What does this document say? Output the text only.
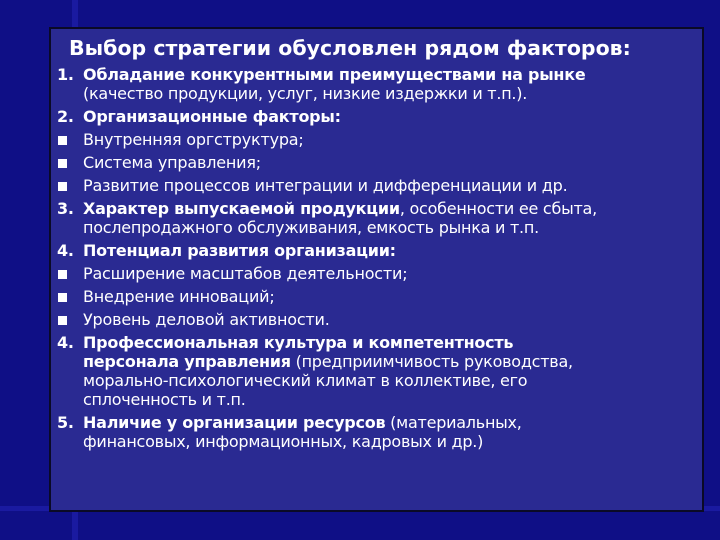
Выбор стратегии обусловлен рядом факторов:
1. Обладание конкурентными преимуществами на рынке
(качество продукции, услуг, низкие издержки и т.п.).
2. Организационные факторы:
Внутренняя оргструктура;
Система управления;
Развитие процессов интеграции и дифференциации и др.
3. Характер выпускаемой продукции, особенности ее сбыта,
послепродажного обслуживания, емкость рынка и т.п.
4. Потенциал развития организации:
Расширение масштабов деятельности;
Внедрение инноваций;
Уровень деловой активности.
4. Профессиональная культура и компетентность
персонала управления (предприимчивость руководства,
морально-психологический климат в коллективе, его
сплоченность и т.п.
5. Наличие у организации ресурсов (материальных,
финансовых, информационных, кадровых и др.)
